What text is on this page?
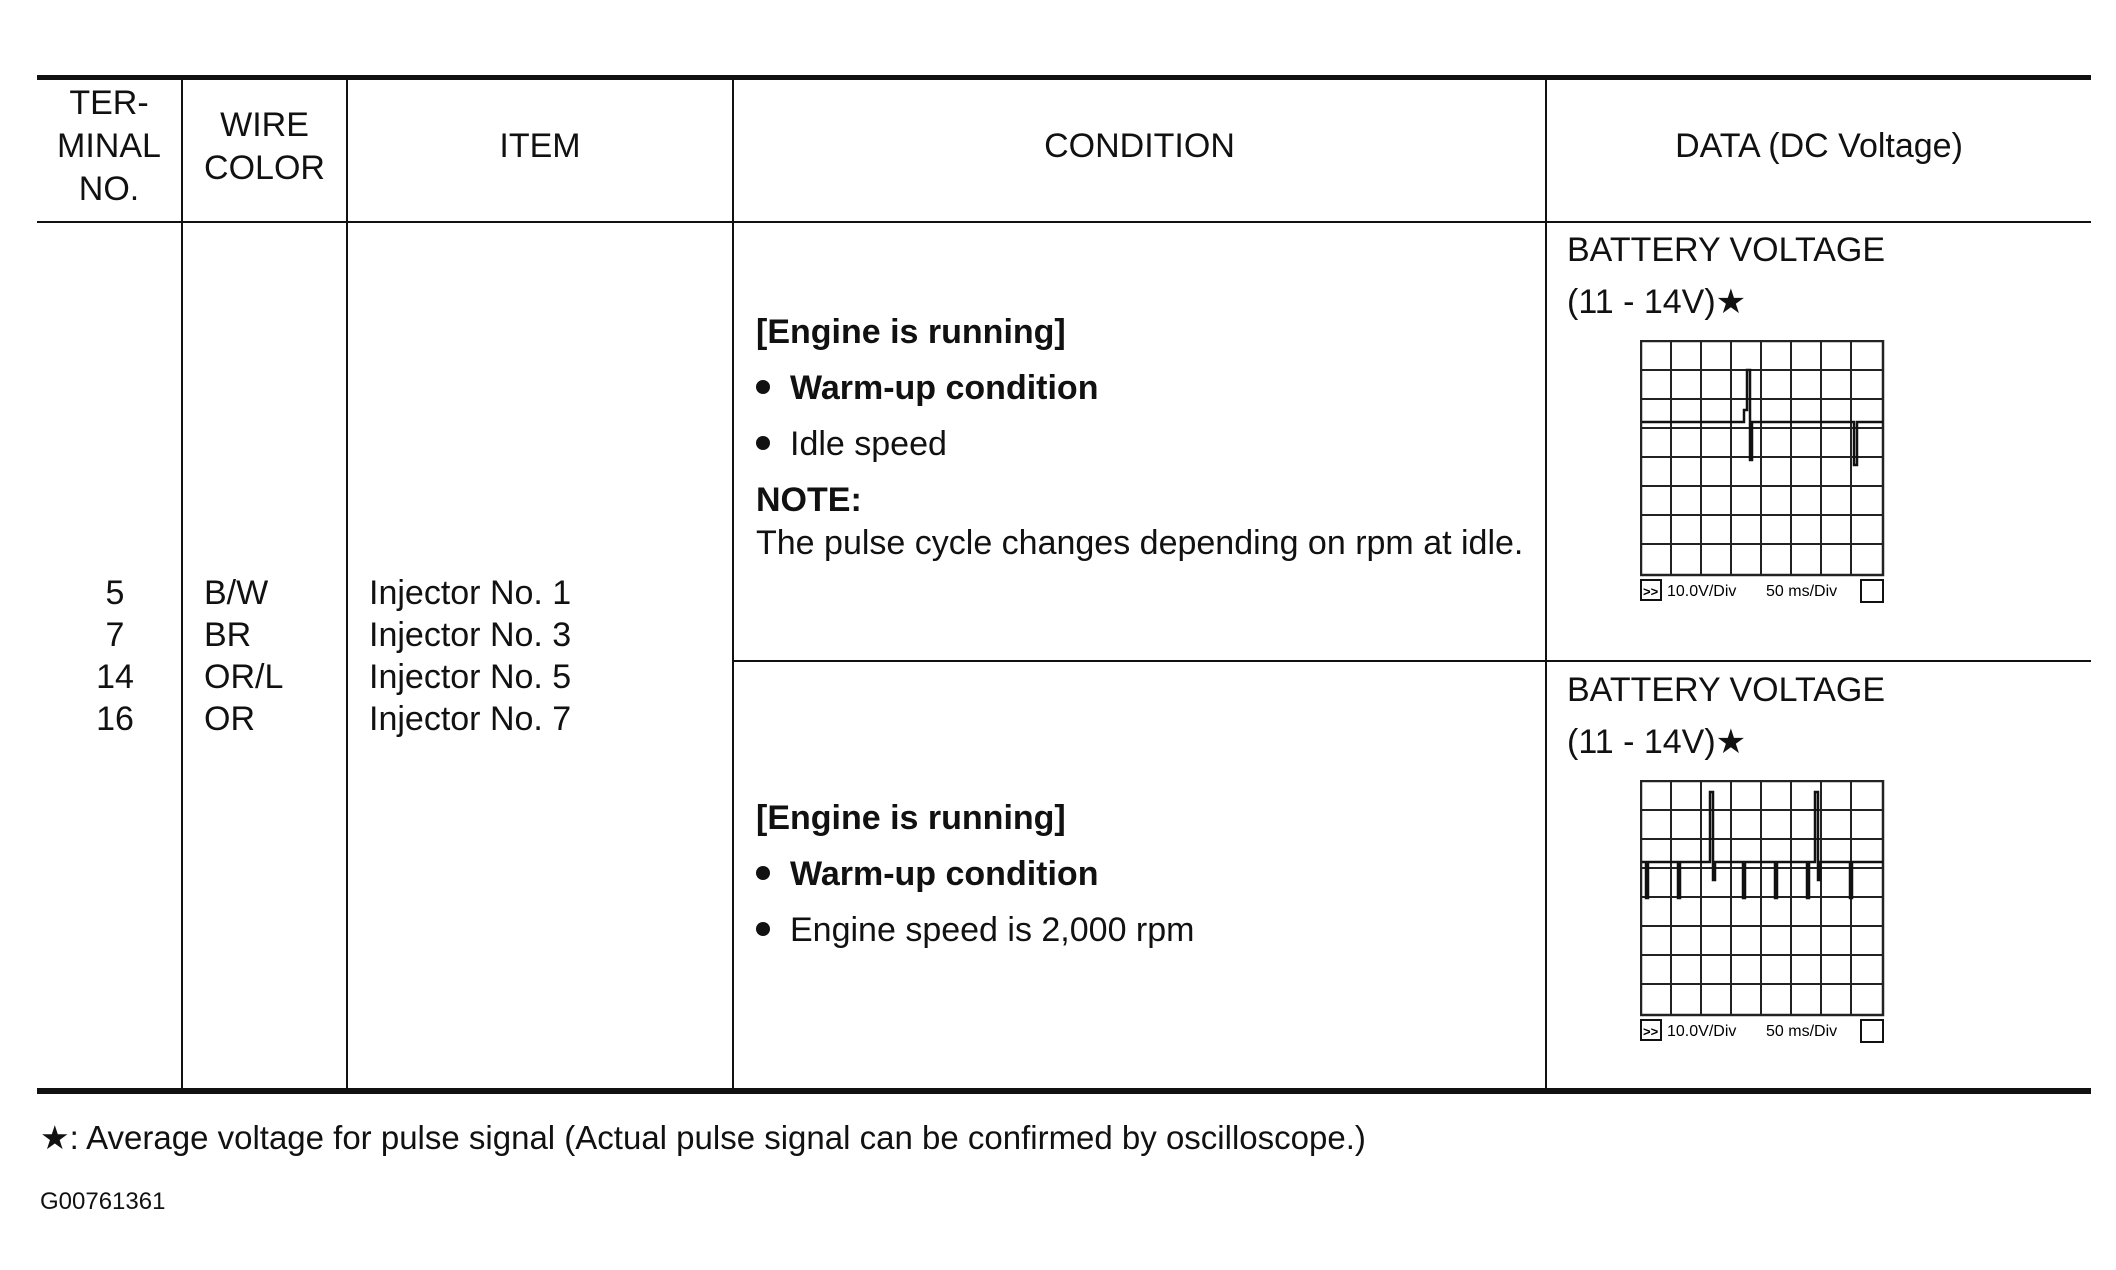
TER-
MINAL
NO.
WIRE
COLOR
ITEM	CONDITION	DATA (DC Voltage)
5
7
14
16
B/W
BR
OR/L
OR
Injector No. 1
Injector No. 3
Injector No. 5
Injector No. 7
[Engine is running]
Warm-up condition
Idle speed
NOTE:
The pulse cycle changes depending on rpm at idle.
[Engine is running]
Warm-up condition
Engine speed is 2,000 rpm
BATTERY VOLTAGE
(11 - 14V)★
>> 10.0V/Div 50 ms/Div
BATTERY VOLTAGE
(11 - 14V)★
>> 10.0V/Div 50 ms/Div
★: Average voltage for pulse signal (Actual pulse signal can be confirmed by oscilloscope.)
G00761361
